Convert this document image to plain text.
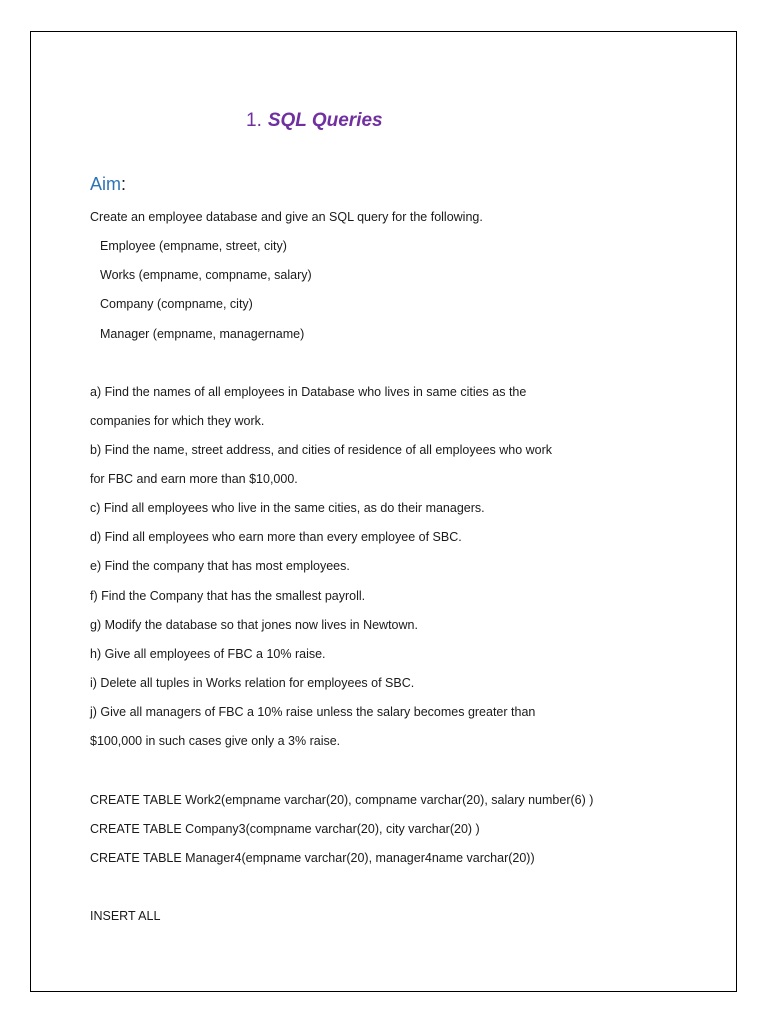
1. SQL Queries
Aim:
Create an employee database and give an SQL query for the following.
Employee (empname, street, city)
Works (empname, compname, salary)
Company (compname, city)
Manager (empname, managername)
a) Find the names of all employees in Database who lives in same cities as the
companies for which they work.
b) Find the name, street address, and cities of residence of all employees who work
for FBC and earn more than $10,000.
c) Find all employees who live in the same cities, as do their managers.
d) Find all employees who earn more than every employee of SBC.
e) Find the company that has most employees.
f) Find the Company that has the smallest payroll.
g) Modify the database so that jones now lives in Newtown.
h) Give all employees of FBC a 10% raise.
i) Delete all tuples in Works relation for employees of SBC.
j) Give all managers of FBC a 10% raise unless the salary becomes greater than
$100,000 in such cases give only a 3% raise.
CREATE TABLE Work2(empname varchar(20), compname varchar(20), salary number(6) )
CREATE TABLE Company3(compname varchar(20), city varchar(20) )
CREATE TABLE Manager4(empname varchar(20), manager4name varchar(20))
INSERT ALL
